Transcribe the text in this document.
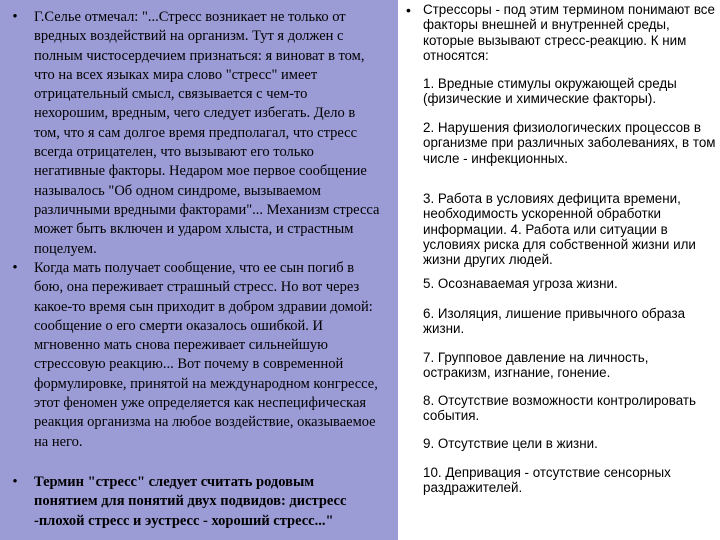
•	Г.Селье отмечал: "...Стресс возникает не только от вредных воздействий на организм. Тут я должен с полным чистосердечием признаться: я виноват в том, что на всех языках мира слово "стресс" имеет отрицательный смысл, связывается с чем-то нехорошим, вредным, чего следует избегать. Дело в том, что я сам долгое время предполагал, что стресс всегда отрицателен, что вызывают его только негативные факторы. Недаром мое первое сообщение называлось "Об одном синдроме, вызываемом различными вредными факторами"... Механизм стресса может быть включен и ударом хлыста, и страстным поцелуем.
•	Когда мать получает сообщение, что ее сын погиб в бою, она переживает страшный стресс. Но вот через какое-то время сын приходит в добром здравии домой: сообщение о его смерти оказалось ошибкой. И мгновенно мать снова переживает сильнейшую стрессовую реакцию... Вот почему в современной формулировке, принятой на международном конгрессе, этот феномен уже определяется как неспецифическая реакция организма на любое воздействие, оказываемое на него.
•	Термин "стресс" следует считать родовым понятием для понятий двух подвидов: дистресс -плохой стресс и эустресс - хороший стресс..."
• Стрессоры - под этим термином понимают все факторы внешней и внутренней среды, которые вызывают стресс-реакцию. К ним относятся:
1. Вредные стимулы окружающей среды (физические и химические факторы).
2. Нарушения физиологических процессов в организме при различных заболеваниях, в том числе - инфекционных.
3. Работа в условиях дефицита времени, необходимость ускоренной обработки информации. 4. Работа или ситуации в условиях риска для собственной жизни или жизни других людей.
5. Осознаваемая угроза жизни.
6. Изоляция, лишение привычного образа жизни.
7. Групповое давление на личность, остракизм, изгнание, гонение.
8. Отсутствие возможности контролировать события.
9. Отсутствие цели в жизни.
10. Депривация - отсутствие сенсорных раздражителей.
